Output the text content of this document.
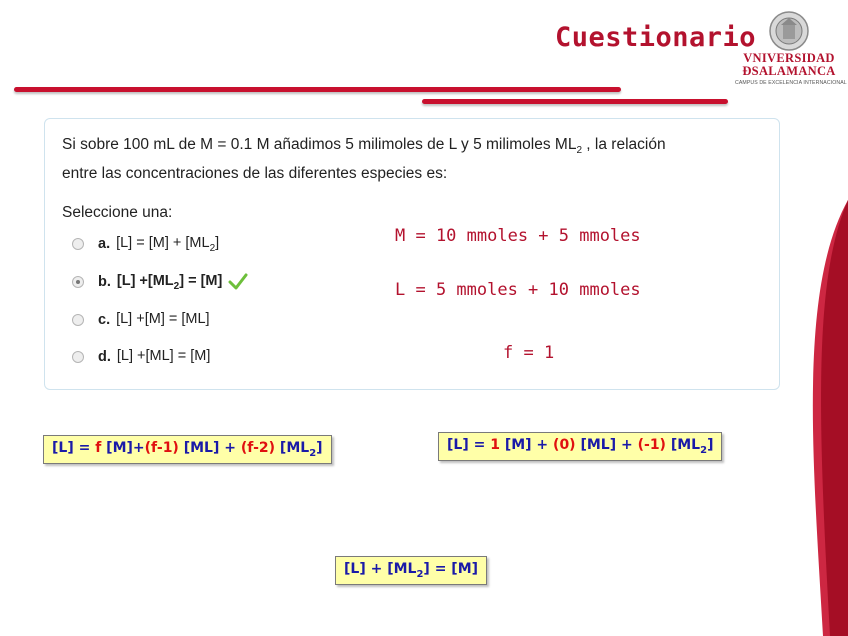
Cuestionario
VNIVERSIDAD
ÐSALAMANCA
CAMPUS DE EXCELENCIA INTERNACIONAL
Si sobre 100 mL de M = 0.1 M añadimos 5 milimoles de L y 5 milimoles $ML_2$ , la relación entre las concentraciones de las diferentes especies es:
Seleccione una:
a. $[L] = [M] + [ML_2]$
b. $[L] +[ML_2] = [M]$
c. [L] +[M] = [ML]
d. [L] +[ML] = [M]
M = 10 mmoles + 5 mmoles
L = 5 mmoles + 10 mmoles
f = 1
[L] = f [M]+(f-1) [ML] + (f-2) $[ML_2]$	[L] = 1 [M] + (0) [ML] + (-1) $[ML_2]$
$[L] + [ML_2] = [M]$
